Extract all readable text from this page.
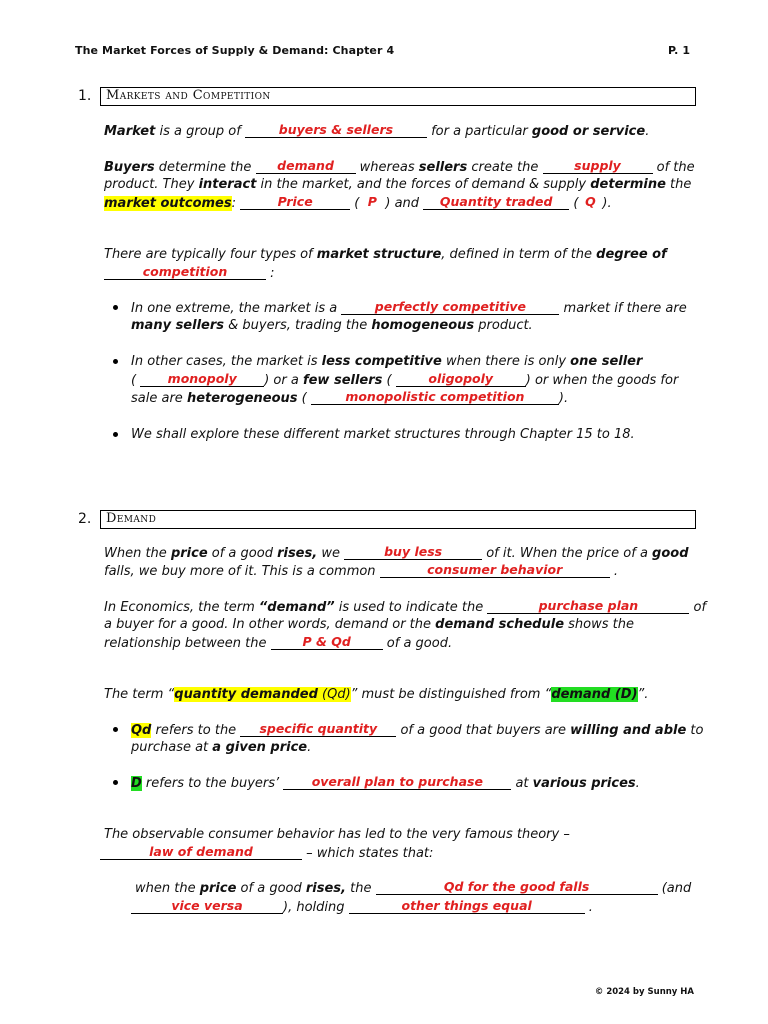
The Market Forces of Supply & Demand: Chapter 4	P. 1
1. Markets and Competition
Market is a group of	buyers & sellers	for a particular good or service.
Buyers determine the demand whereas sellers create the	supply of the
product. They interact in the market, and the forces of demand & supply determine the
market outcomes:	Price	( P ) and Quantity traded ( Q ).
There are typically four types of market structure, defined in term of the degree of
competition	:
In one extreme, the market is a	perfectly competitive	market if there are
many sellers & buyers, trading the homogeneous product.
In other cases, the market is less competitive when there is only one seller
(	monopoly ) or a few sellers (	oligopoly	) or when the goods for
sale are heterogeneous (	monopolistic competition	).
We shall explore these different market structures through Chapter 15 to 18.
2. Demand
When the price of a good rises, we	buy less	of it. When the price of a good
falls, we buy more of it. This is a common	consumer behavior	.
In Economics, the term “demand” is used to indicate the	purchase plan	of
a buyer for a good. In other words, demand or the demand schedule shows the
relationship between the	P & Qd of a good.
The term “quantity demanded (Qd)” must be distinguished from “demand (D)”.
Qd refers to the specific quantity of a good that buyers are willing and able to
purchase at a given price.
D refers to the buyers’ overall plan to purchase at various prices.
The observable consumer behavior has led to the very famous theory –
law of demand	– which states that:
when the price of a good rises, the	Qd for the good falls	(and
vice versa	), holding	other things equal	.
© 2024 by Sunny HA
